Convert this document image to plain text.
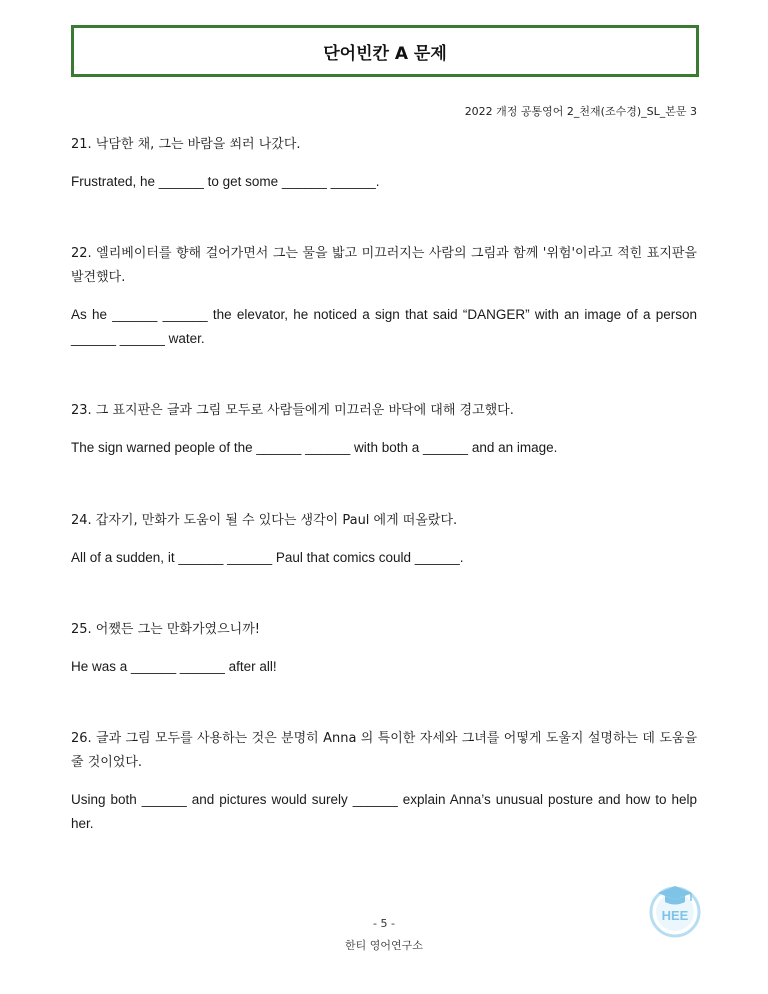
단어빈칸 A 문제
2022 개정 공통영어 2_천재(조수경)_SL_본문 3

21. 낙담한 채, 그는 바람을 쐬러 나갔다.

Frustrated, he ______ to get some ______ ______.

22. 엘리베이터를 향해 걸어가면서 그는 물을 밟고 미끄러지는 사람의 그림과 함께 '위험'이라고 적힌 표지판을 발견했다.

As he ______ ______ the elevator, he noticed a sign that said “DANGER” with an image of a person ______ ______ water.

23. 그 표지판은 글과 그림 모두로 사람들에게 미끄러운 바닥에 대해 경고했다.

The sign warned people of the ______ ______ with both a ______ and an image.

24. 갑자기, 만화가 도움이 될 수 있다는 생각이 Paul 에게 떠올랐다.

All of a sudden, it ______ ______ Paul that comics could ______.

25. 어쨌든 그는 만화가였으니까!

He was a ______ ______ after all!

26. 글과 그림 모두를 사용하는 것은 분명히 Anna 의 특이한 자세와 그녀를 어떻게 도울지 설명하는 데 도움을 줄 것이었다.

Using both ______ and pictures would surely ______ explain Anna’s unusual posture and how to help her.

- 5 -
한티 영어연구소
HEE
